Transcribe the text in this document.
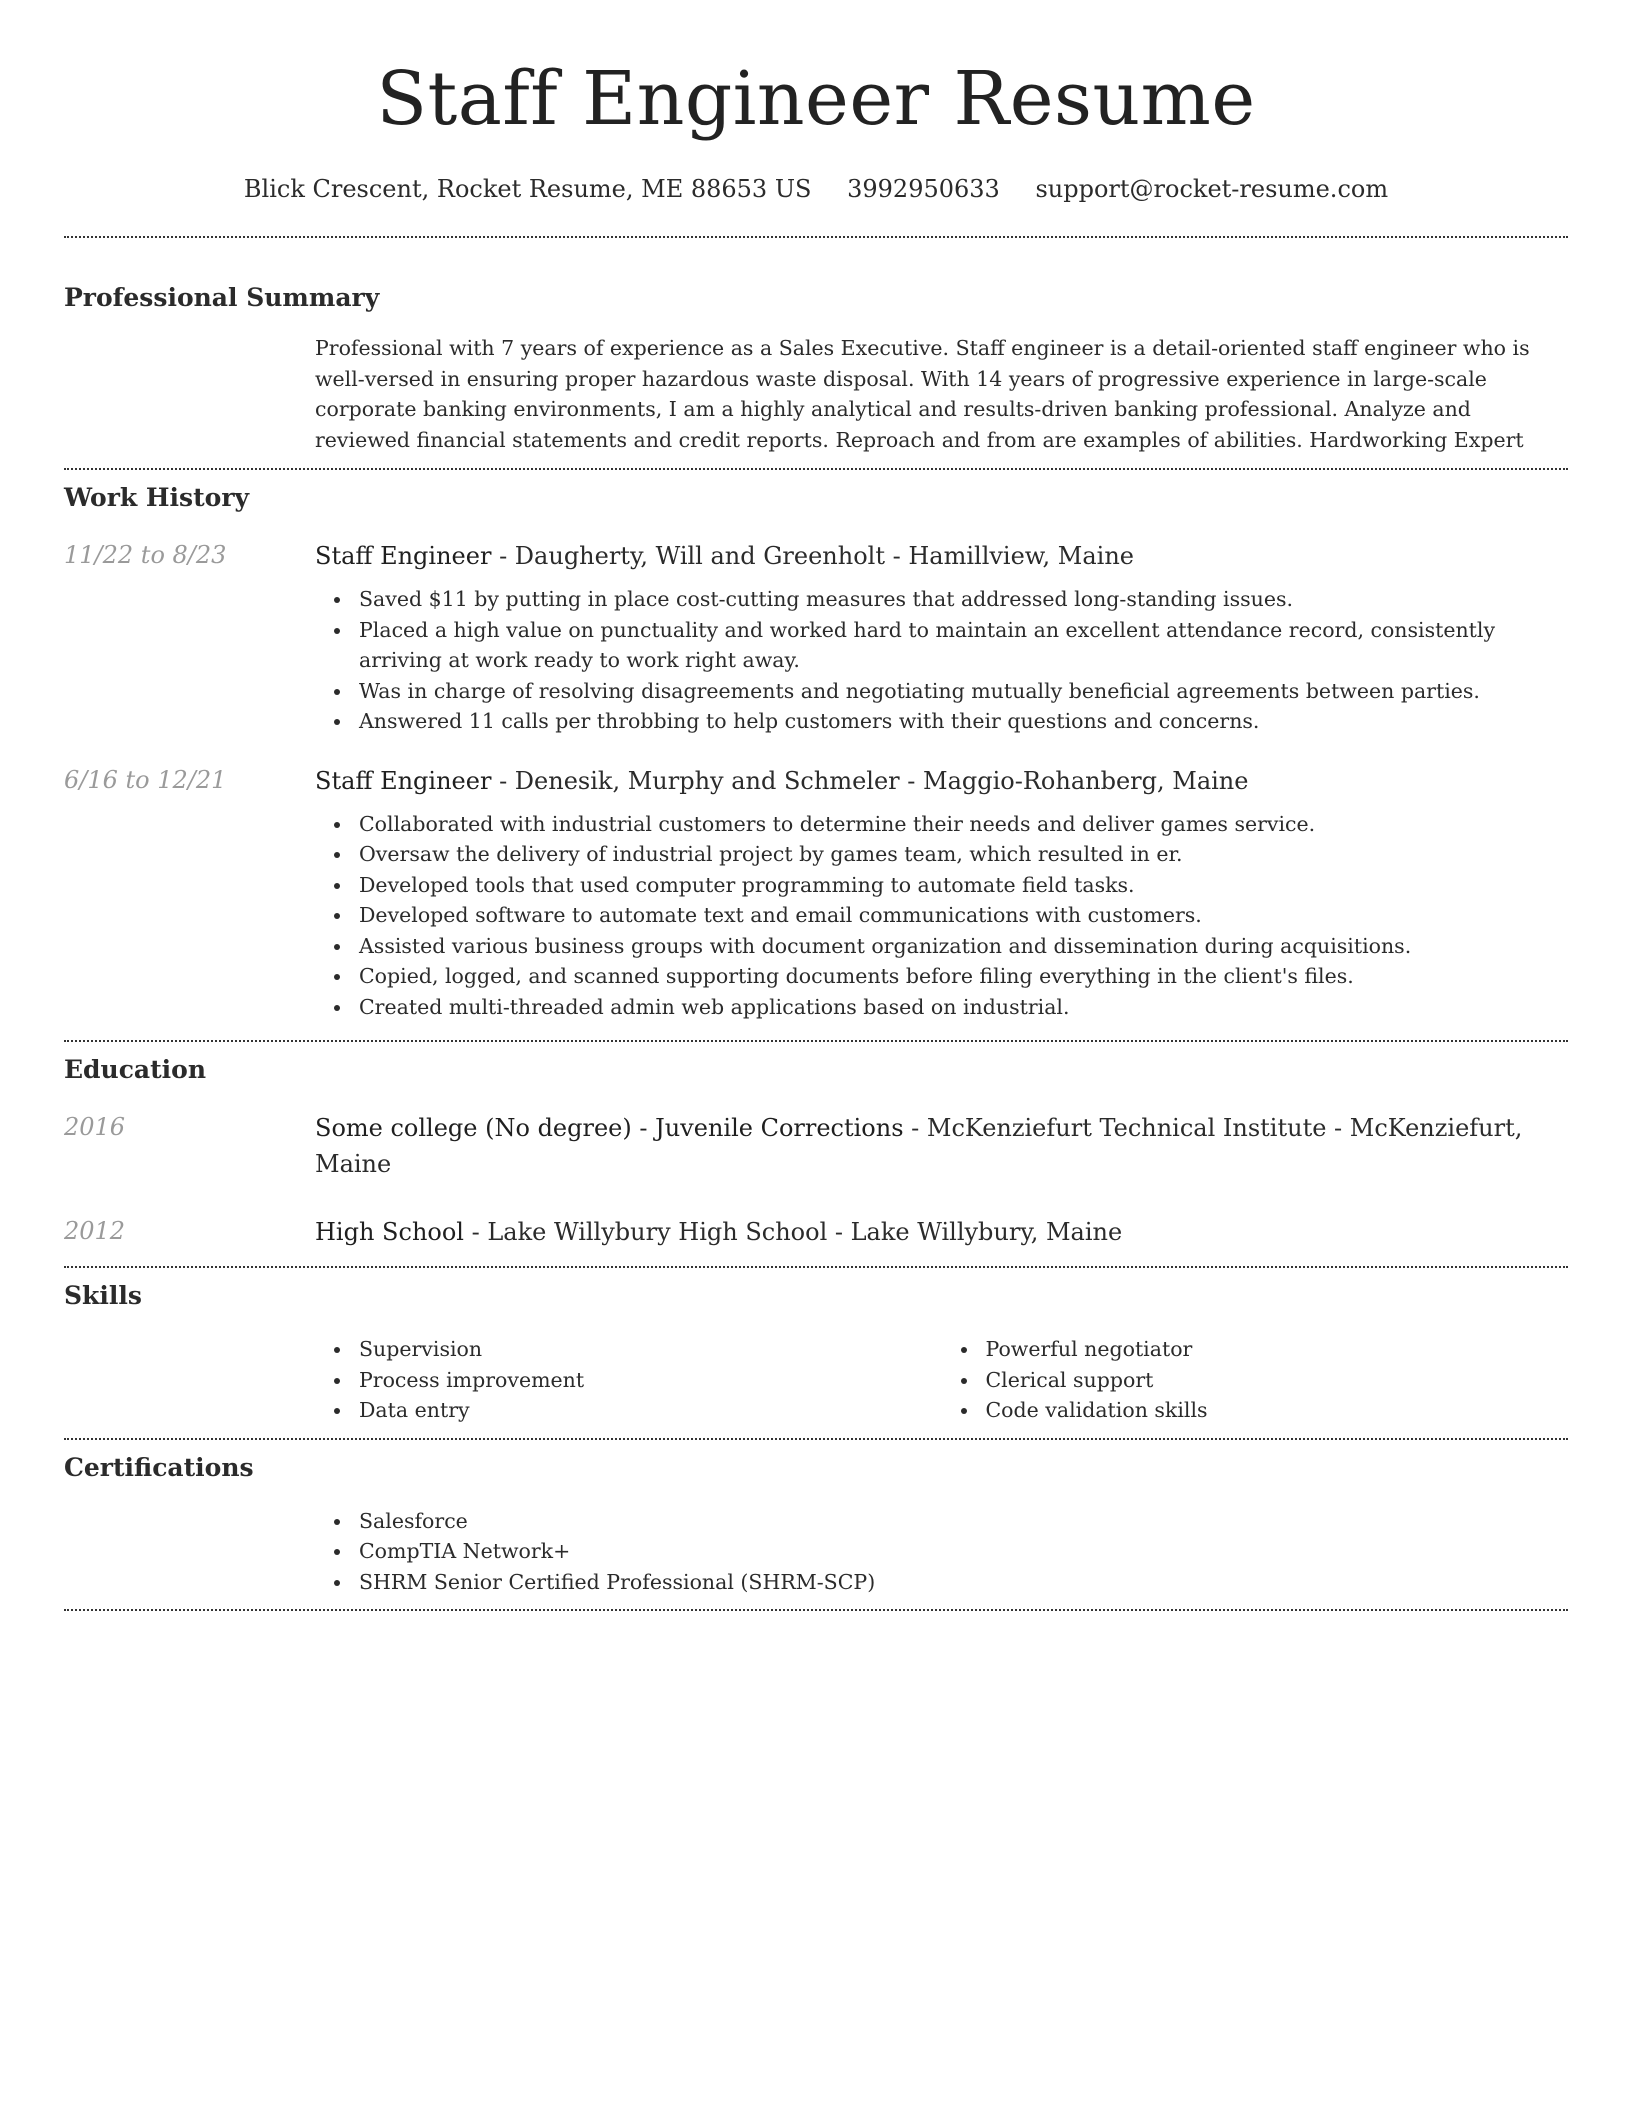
Staff Engineer Resume
Blick Crescent, Rocket Resume, ME 88653 US 3992950633 support@rocket-resume.com
Professional Summary
Professional with 7 years of experience as a Sales Executive. Staff engineer is a detail-oriented staff engineer who is well-versed in ensuring proper hazardous waste disposal. With 14 years of progressive experience in large-scale corporate banking environments, I am a highly analytical and results-driven banking professional. Analyze and reviewed financial statements and credit reports. Reproach and from are examples of abilities. Hardworking Expert
Work History
11/22 to 8/23	Staff Engineer - Daugherty, Will and Greenholt - Hamillview, Maine
Saved $11 by putting in place cost-cutting measures that addressed long-standing issues.
Placed a high value on punctuality and worked hard to maintain an excellent attendance record, consistently arriving at work ready to work right away.
Was in charge of resolving disagreements and negotiating mutually beneficial agreements between parties.
Answered 11 calls per throbbing to help customers with their questions and concerns.
6/16 to 12/21	Staff Engineer - Denesik, Murphy and Schmeler - Maggio-Rohanberg, Maine
Collaborated with industrial customers to determine their needs and deliver games service.
Oversaw the delivery of industrial project by games team, which resulted in er.
Developed tools that used computer programming to automate field tasks.
Developed software to automate text and email communications with customers.
Assisted various business groups with document organization and dissemination during acquisitions.
Copied, logged, and scanned supporting documents before filing everything in the client's files.
Created multi-threaded admin web applications based on industrial.
Education
2016	Some college (No degree) - Juvenile Corrections - McKenziefurt Technical Institute - McKenziefurt, Maine
2012	High School - Lake Willybury High School - Lake Willybury, Maine
Skills
Supervision
Process improvement
Data entry
Powerful negotiator
Clerical support
Code validation skills
Certifications
Salesforce
CompTIA Network+
SHRM Senior Certified Professional (SHRM-SCP)
